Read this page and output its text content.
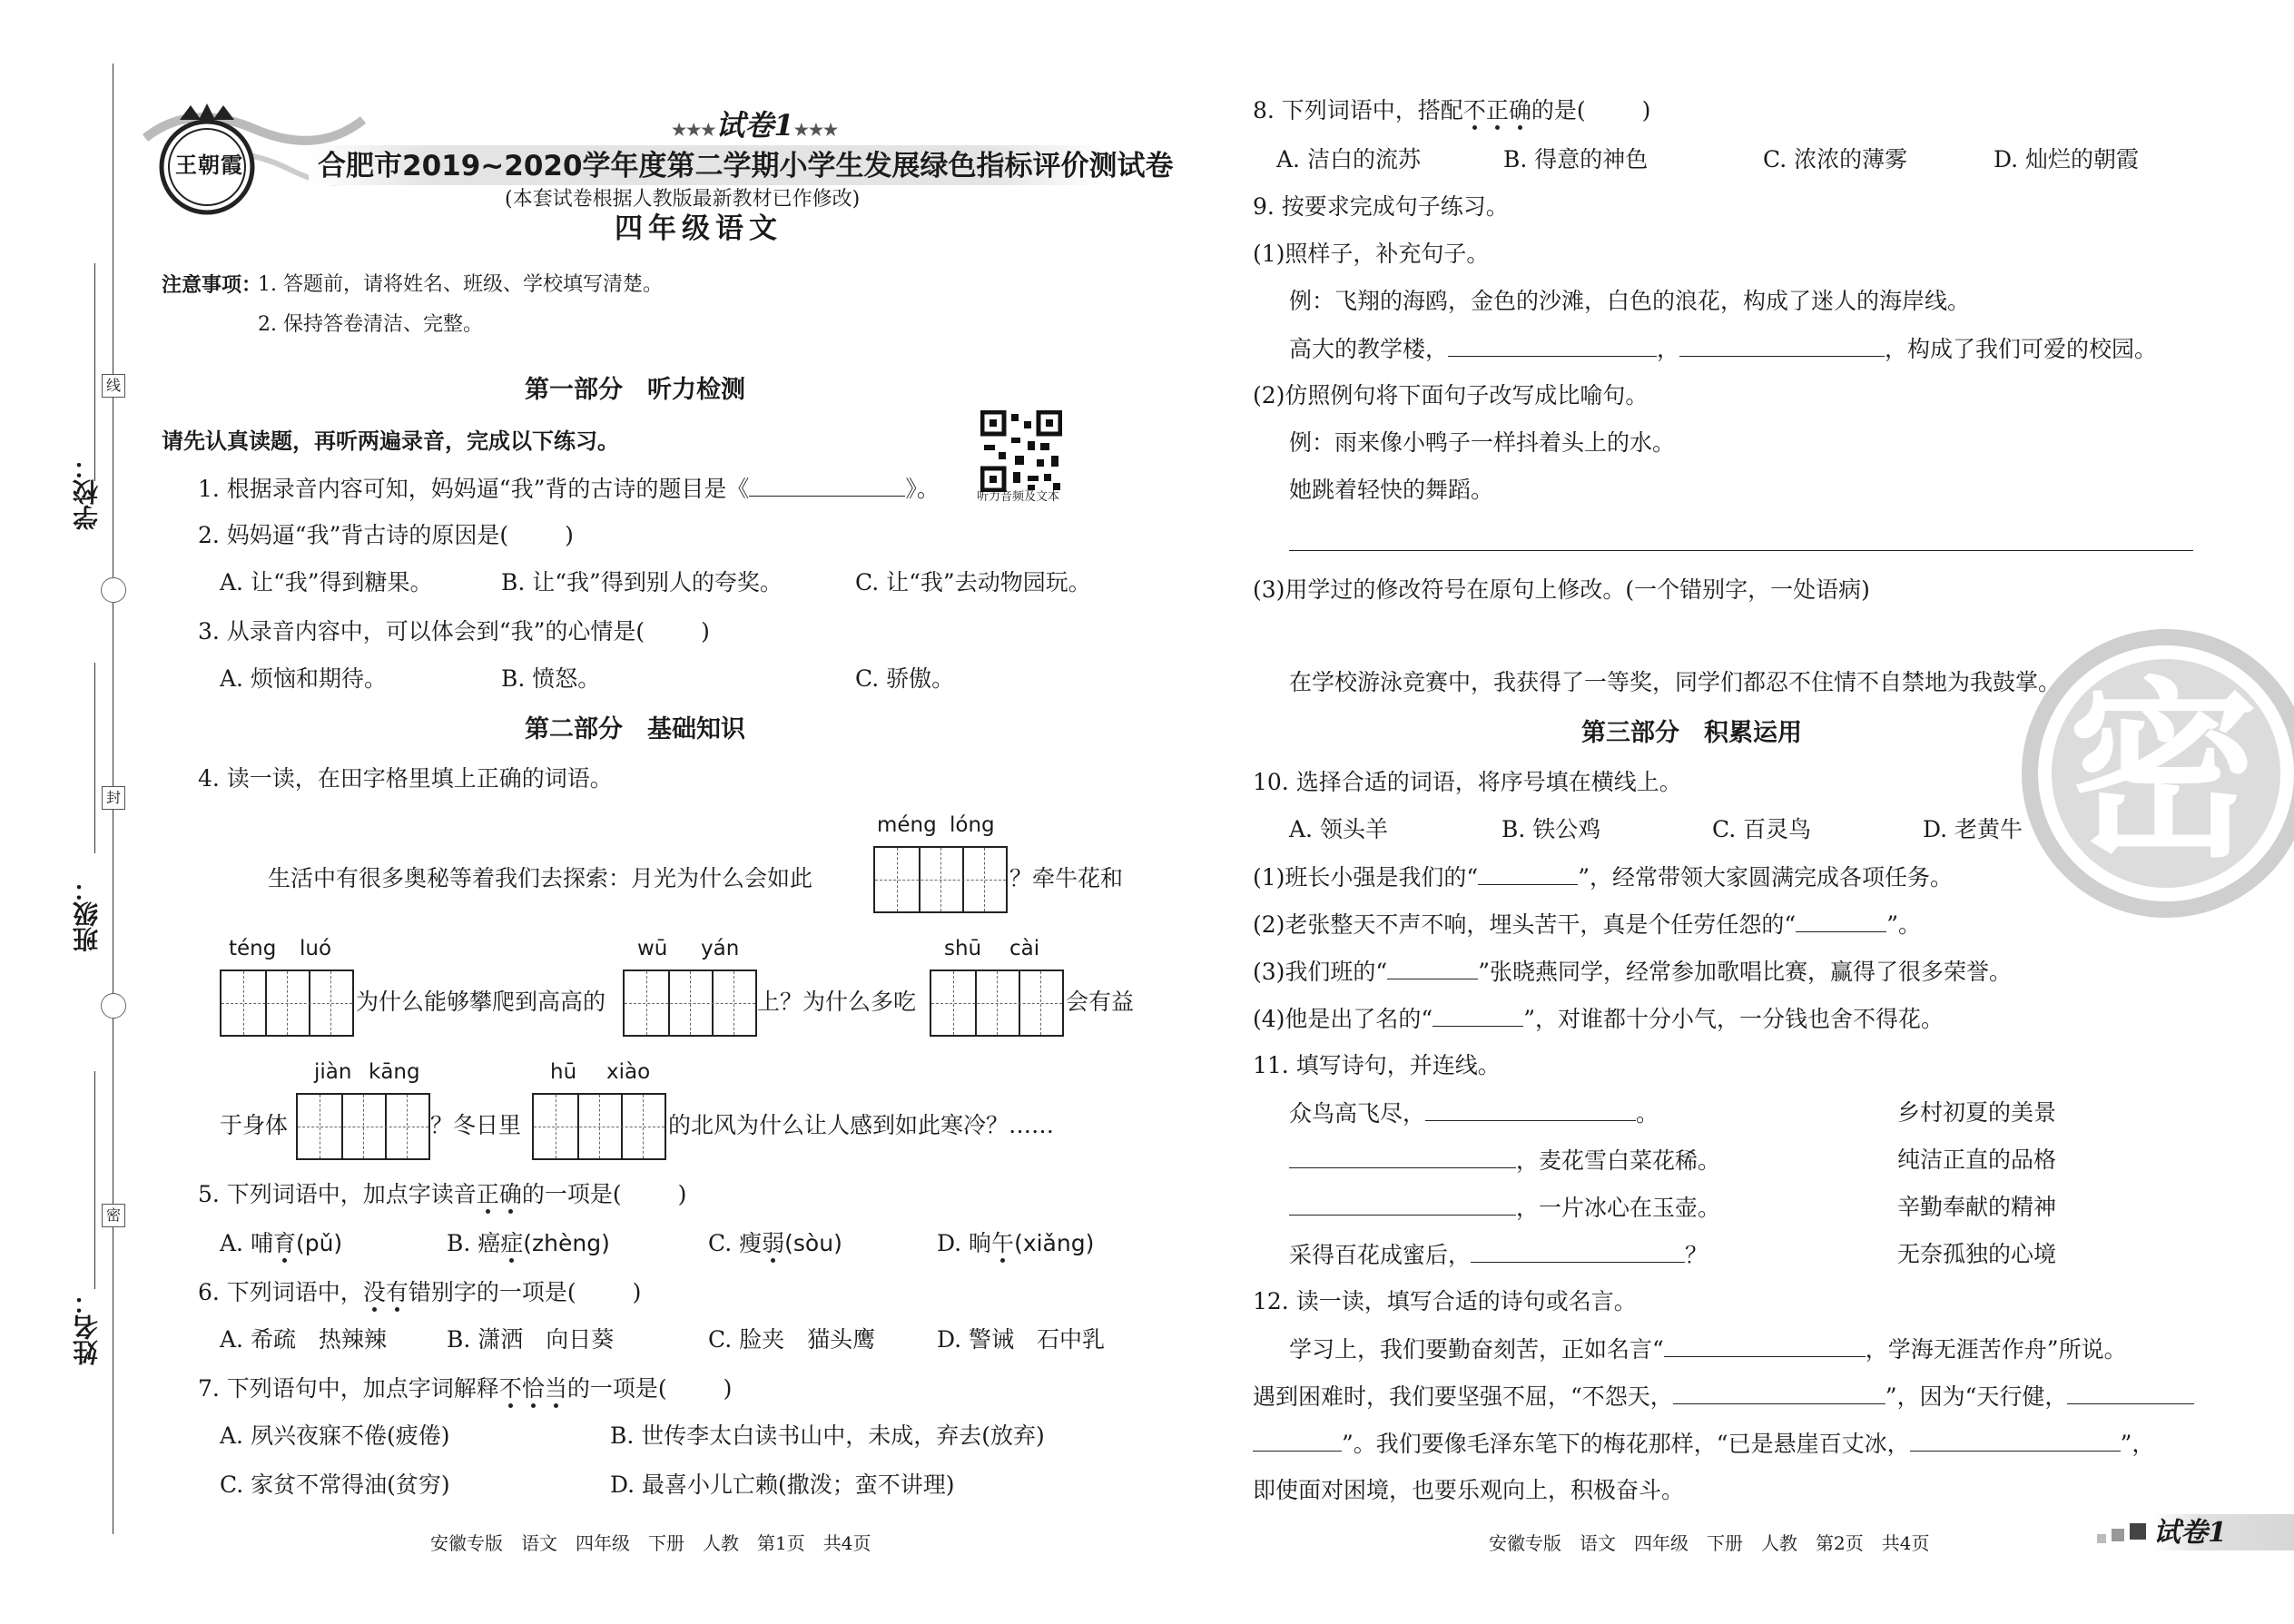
学校：
班级：
姓名：
线
封
密
王朝霞
★★★试卷1★★★
合肥市2019~2020学年度第二学期小学生发展绿色指标评价测试卷
(本套试卷根据人教版最新教材已作修改)
四年级语文
注意事项：
1. 答题前，请将姓名、班级、学校填写清楚。
2. 保持答卷清洁、完整。
第一部分　听力检测
请先认真读题，再听两遍录音，完成以下练习。
听力音频及文本
1. 根据录音内容可知，妈妈逼“我”背的古诗的题目是《	》。
2. 妈妈逼“我”背古诗的原因是( )
A. 让“我”得到糖果。	B. 让“我”得到别人的夸奖。	C. 让“我”去动物园玩。
3. 从录音内容中，可以体会到“我”的心情是( )
A. 烦恼和期待。	B. 愤怒。	C. 骄傲。
第二部分　基础知识
4. 读一读，在田字格里填上正确的词语。
生活中有很多奥秘等着我们去探索：月光为什么会如此
méng lóng
？牵牛花和
téng luó
为什么能够攀爬到高高的
wū yán
上？为什么多吃
shū cài
会有益
于身体
jiàn kāng
？冬日里
hū xiào
的北风为什么让人感到如此寒冷？……
5. 下列词语中，加点字读音正确的一项是( )
A. 哺育(pǔ)	B. 癌症(zhèng)	C. 瘦弱(sòu)	D. 晌午(xiǎng)
6. 下列词语中，没有错别字的一项是( )
A. 希疏　热辣辣	B. 潇洒　向日葵	C. 脸夹　猫头鹰	D. 警诫　石中乳
7. 下列语句中，加点字词解释不恰当的一项是( )
A. 夙兴夜寐不倦(疲倦)	B. 世传李太白读书山中，未成，弃去(放弃)
C. 家贫不常得油(贫穷)	D. 最喜小儿亡赖(撒泼；蛮不讲理)
密
8. 下列词语中，搭配不正确的是( )
A. 洁白的流苏	B. 得意的神色	C. 浓浓的薄雾	D. 灿烂的朝霞
9. 按要求完成句子练习。
(1)照样子，补充句子。
例：飞翔的海鸥，金色的沙滩，白色的浪花，构成了迷人的海岸线。
高大的教学楼，	，	，构成了我们可爱的校园。
(2)仿照例句将下面句子改写成比喻句。
例：雨来像小鸭子一样抖着头上的水。
她跳着轻快的舞蹈。
(3)用学过的修改符号在原句上修改。(一个错别字，一处语病)
在学校游泳竞赛中，我获得了一等奖，同学们都忍不住情不自禁地为我鼓掌。
第三部分　积累运用
10. 选择合适的词语，将序号填在横线上。
A. 领头羊	B. 铁公鸡	C. 百灵鸟	D. 老黄牛
(1)班长小强是我们的“	”，经常带领大家圆满完成各项任务。
(2)老张整天不声不响，埋头苦干，真是个任劳任怨的“	”。
(3)我们班的“	”张晓燕同学，经常参加歌唱比赛，赢得了很多荣誉。
(4)他是出了名的“	”，对谁都十分小气，一分钱也舍不得花。
11. 填写诗句，并连线。
众鸟高飞尽，	。
，麦花雪白菜花稀。
，一片冰心在玉壶。
采得百花成蜜后，	？
乡村初夏的美景
纯洁正直的品格
辛勤奉献的精神
无奈孤独的心境
12. 读一读，填写合适的诗句或名言。
学习上，我们要勤奋刻苦，正如名言“	，学海无涯苦作舟”所说。
遇到困难时，我们要坚强不屈，“不怨天，	”，因为“天行健，
”。我们要像毛泽东笔下的梅花那样，“已是悬崖百丈冰，	”，
即使面对困境，也要乐观向上，积极奋斗。
安徽专版　语文　四年级　下册　人教　第1页　共4页	安徽专版　语文　四年级　下册　人教　第2页　共4页	试卷1
